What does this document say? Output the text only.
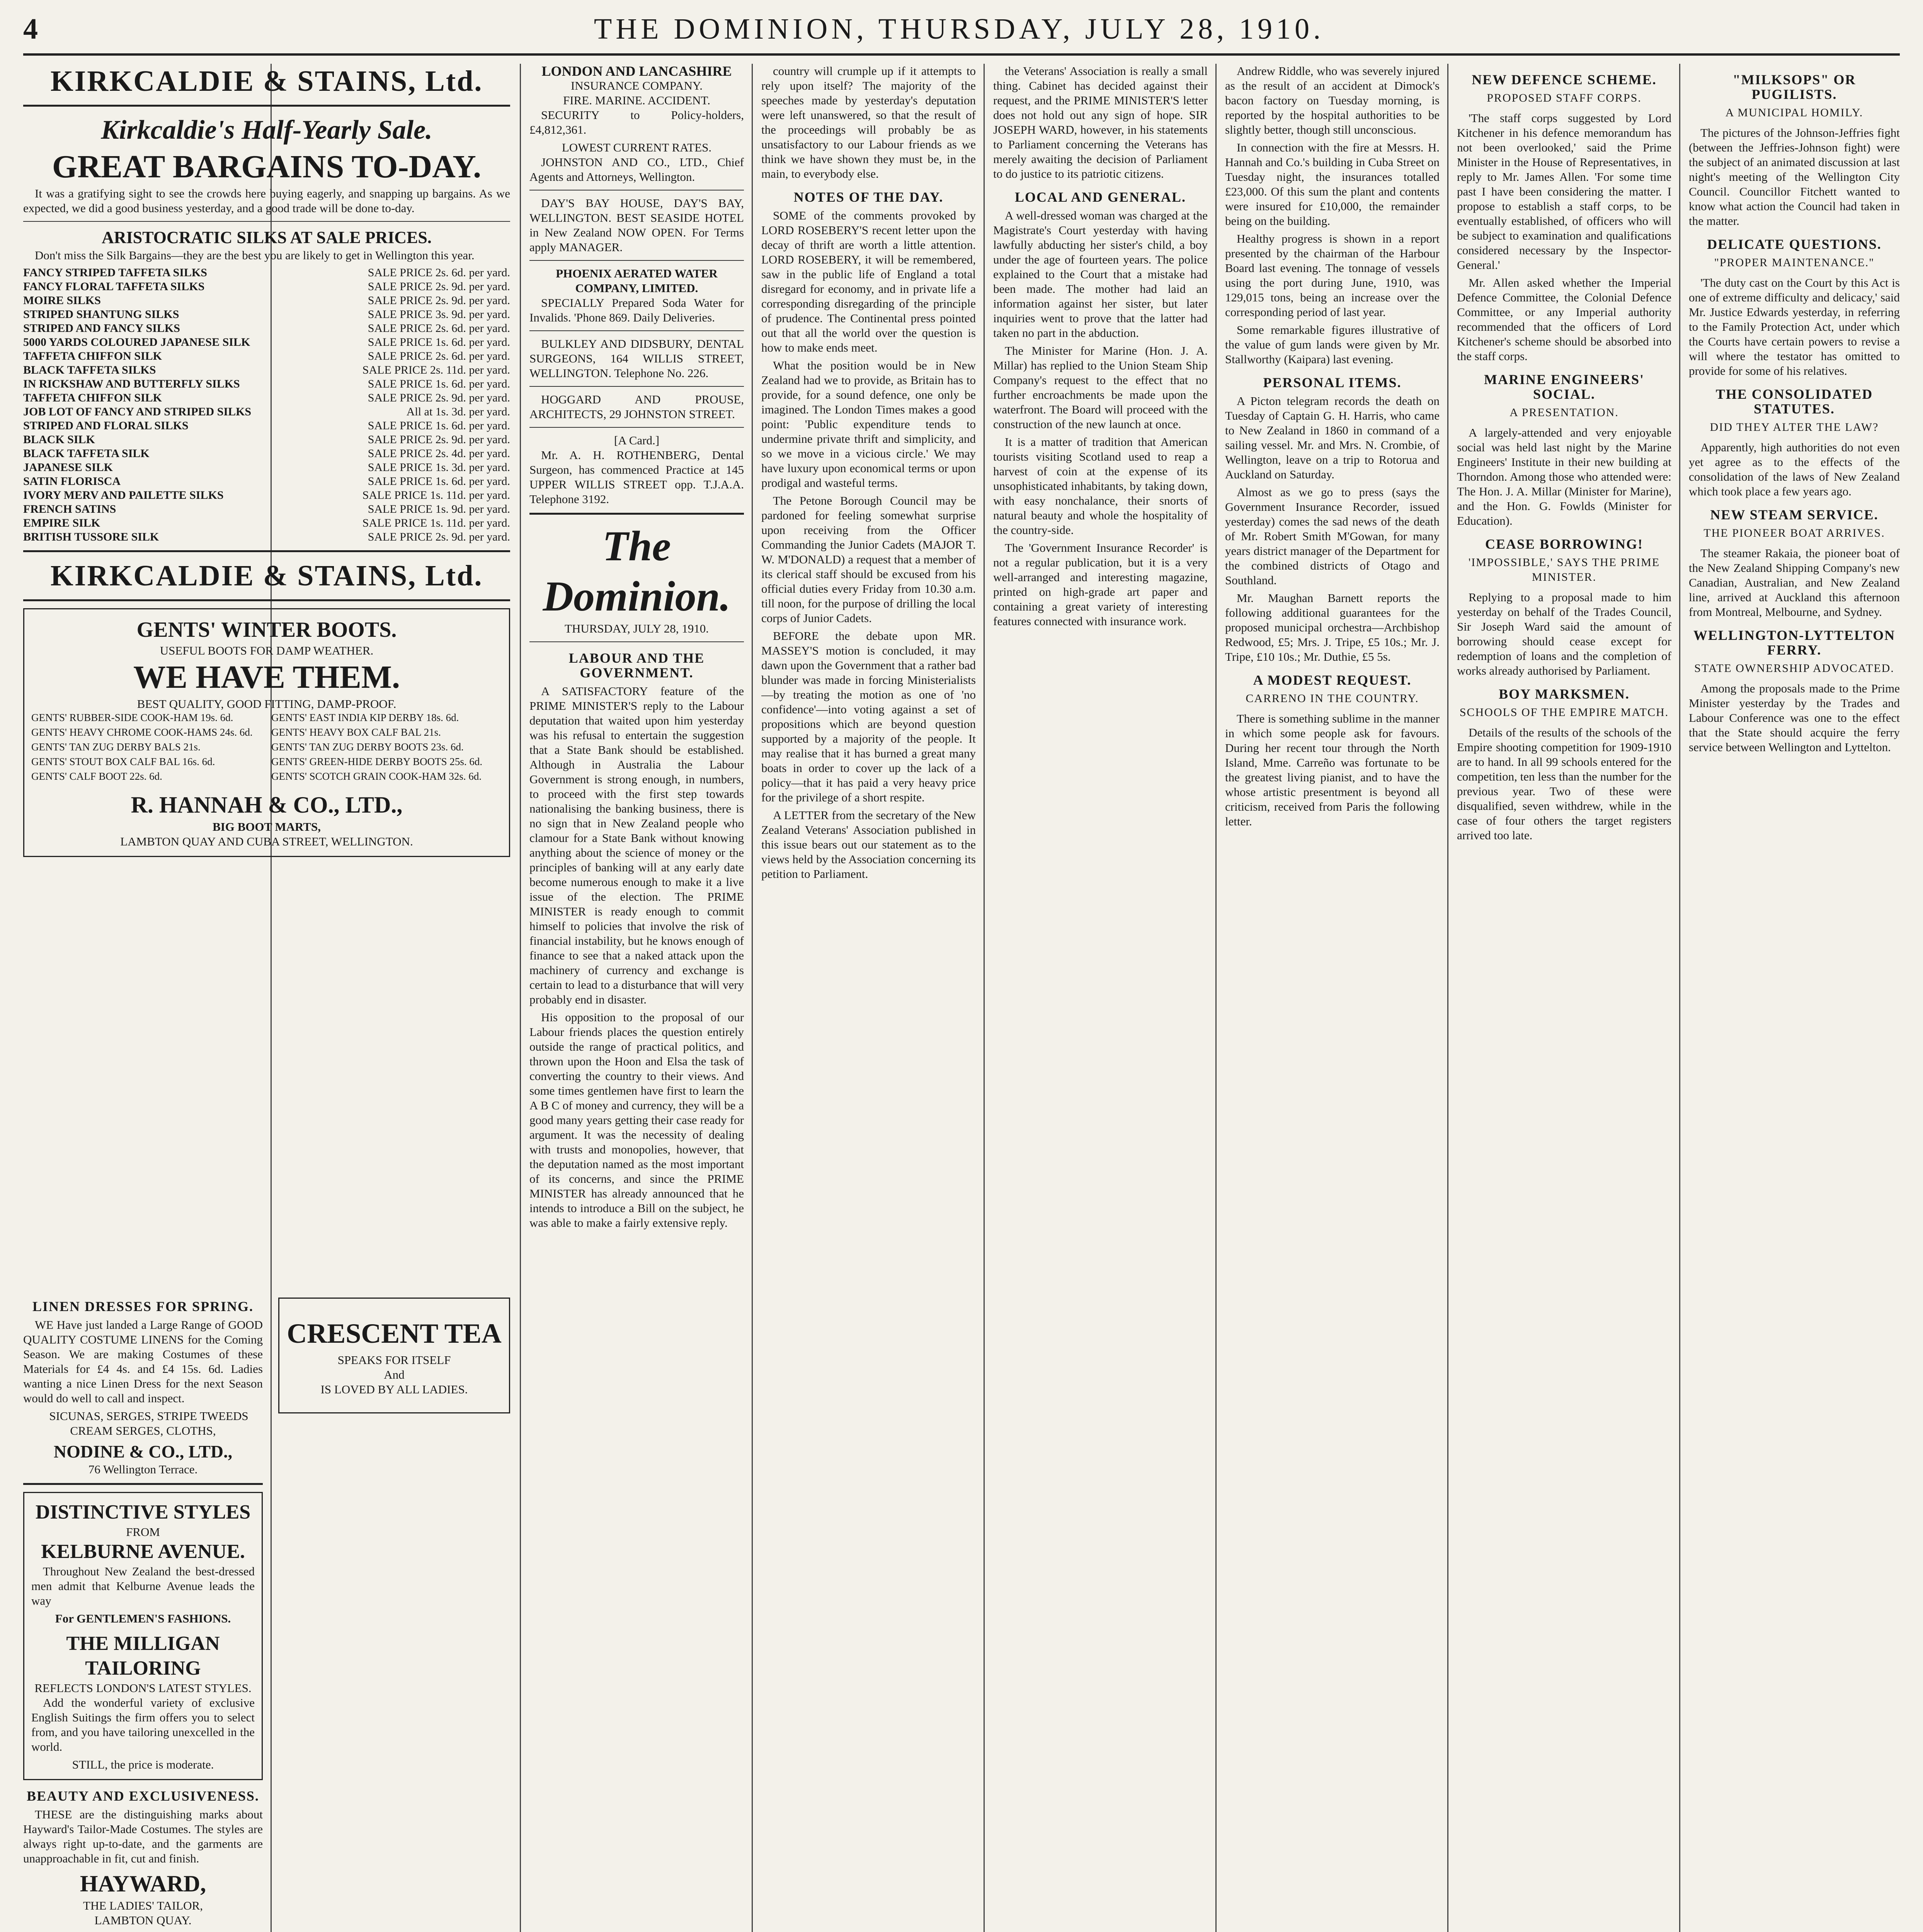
4	THE DOMINION, THURSDAY, JULY 28, 1910.
KIRKCALDIE & STAINS, Ltd.
Kirkcaldie's Half-Yearly Sale.
GREAT BARGAINS TO-DAY.

It was a gratifying sight to see the crowds here buying eagerly, and snapping up bargains. As we expected, we did a good business yesterday, and a good trade will be done to-day.

ARISTOCRATIC SILKS AT SALE PRICES.

Don't miss the Silk Bargains—they are the best you are likely to get in Wellington this year.

FANCY STRIPED TAFFETA SILKS	SALE PRICE 2s. 6d. per yard.
FANCY FLORAL TAFFETA SILKS	SALE PRICE 2s. 9d. per yard.
MOIRE SILKS	SALE PRICE 2s. 9d. per yard.
STRIPED SHANTUNG SILKS	SALE PRICE 3s. 9d. per yard.
STRIPED AND FANCY SILKS	SALE PRICE 2s. 6d. per yard.
5000 YARDS COLOURED JAPANESE SILK	SALE PRICE 1s. 6d. per yard.
TAFFETA CHIFFON SILK	SALE PRICE 2s. 6d. per yard.
BLACK TAFFETA SILKS	SALE PRICE 2s. 11d. per yard.
IN RICKSHAW AND BUTTERFLY SILKS	SALE PRICE 1s. 6d. per yard.
TAFFETA CHIFFON SILK	SALE PRICE 2s. 9d. per yard.
JOB LOT OF FANCY AND STRIPED SILKS	All at 1s. 3d. per yard.
STRIPED AND FLORAL SILKS	SALE PRICE 1s. 6d. per yard.
BLACK SILK	SALE PRICE 2s. 9d. per yard.
BLACK TAFFETA SILK	SALE PRICE 2s. 4d. per yard.
JAPANESE SILK	SALE PRICE 1s. 3d. per yard.
SATIN FLORISCA	SALE PRICE 1s. 6d. per yard.
IVORY MERV AND PAILETTE SILKS	SALE PRICE 1s. 11d. per yard.
FRENCH SATINS	SALE PRICE 1s. 9d. per yard.
EMPIRE SILK	SALE PRICE 1s. 11d. per yard.
BRITISH TUSSORE SILK	SALE PRICE 2s. 9d. per yard.
KIRKCALDIE & STAINS, Ltd.
GENTS' WINTER BOOTS.
USEFUL BOOTS FOR DAMP WEATHER.
WE HAVE THEM.
BEST QUALITY, GOOD FITTING, DAMP-PROOF.
GENTS' RUBBER-SIDE COOK-HAM 19s. 6d.	GENTS' EAST INDIA KIP DERBY 18s. 6d.
GENTS' HEAVY CHROME COOK-HAMS 24s. 6d.	GENTS' HEAVY BOX CALF BAL 21s.
GENTS' TAN ZUG DERBY BALS 21s.	GENTS' TAN ZUG DERBY BOOTS 23s. 6d.
GENTS' STOUT BOX CALF BAL 16s. 6d.	GENTS' GREEN-HIDE DERBY BOOTS 25s. 6d.
GENTS' CALF BOOT 22s. 6d.	GENTS' SCOTCH GRAIN COOK-HAM 32s. 6d.
R. HANNAH & CO., LTD.,
BIG BOOT MARTS,
LAMBTON QUAY AND CUBA STREET, WELLINGTON.
LINEN DRESSES FOR SPRING.

WE Have just landed a Large Range of GOOD QUALITY COSTUME LINENS for the Coming Season. We are making Costumes of these Materials for £4 4s. and £4 15s. 6d. Ladies wanting a nice Linen Dress for the next Season would do well to call and inspect.

SICUNAS, SERGES, STRIPE TWEEDS CREAM SERGES, CLOTHS,

NODINE & CO., LTD.,
76 Wellington Terrace.
DISTINCTIVE STYLES
FROM
KELBURNE AVENUE.

Throughout New Zealand the best-dressed men admit that Kelburne Avenue leads the way

For GENTLEMEN'S FASHIONS.
THE MILLIGAN TAILORING
REFLECTS LONDON'S LATEST STYLES.

Add the wonderful variety of exclusive English Suitings the firm offers you to select from, and you have tailoring unexcelled in the world.

STILL, the price is moderate.
BEAUTY AND EXCLUSIVENESS.

THESE are the distinguishing marks about Hayward's Tailor-Made Costumes. The styles are always right up-to-date, and the garments are unapproachable in fit, cut and finish.

HAYWARD,
THE LADIES' TAILOR,
LAMBTON QUAY.
CRESCENT TEA
SPEAKS FOR ITSELF
And
IS LOVED BY ALL LADIES.
LONDON AND LANCASHIRE
INSURANCE COMPANY.
FIRE. MARINE. ACCIDENT.

SECURITY to Policy-holders, £4,812,361.

LOWEST CURRENT RATES.

JOHNSTON AND CO., LTD., Chief Agents and Attorneys, Wellington.

DAY'S BAY HOUSE, DAY'S BAY, WELLINGTON. BEST SEASIDE HOTEL in New Zealand NOW OPEN. For Terms apply MANAGER.

PHOENIX AERATED WATER COMPANY, LIMITED.

SPECIALLY Prepared Soda Water for Invalids. 'Phone 869. Daily Deliveries.

BULKLEY AND DIDSBURY, DENTAL SURGEONS, 164 WILLIS STREET, WELLINGTON. Telephone No. 226.

HOGGARD AND PROUSE, ARCHITECTS, 29 JOHNSTON STREET.

[A Card.]

Mr. A. H. ROTHENBERG, Dental Surgeon, has commenced Practice at 145 UPPER WILLIS STREET opp. T.J.A.A. Telephone 3192.

The Dominion.
THURSDAY, JULY 28, 1910.
LABOUR AND THE GOVERNMENT.

A SATISFACTORY feature of the PRIME MINISTER'S reply to the Labour deputation that waited upon him yesterday was his refusal to entertain the suggestion that a State Bank should be established. Although in Australia the Labour Government is strong enough, in numbers, to proceed with the first step towards nationalising the banking business, there is no sign that in New Zealand people who clamour for a State Bank without knowing anything about the science of money or the principles of banking will at any early date become numerous enough to make it a live issue of the election. The PRIME MINISTER is ready enough to commit himself to policies that involve the risk of financial instability, but he knows enough of finance to see that a naked attack upon the machinery of currency and exchange is certain to lead to a disturbance that will very probably end in disaster.

His opposition to the proposal of our Labour friends places the question entirely outside the range of practical politics, and thrown upon the Hoon and Elsa the task of converting the country to their views. And some times gentlemen have first to learn the A B C of money and currency, they will be a good many years getting their case ready for argument. It was the necessity of dealing with trusts and monopolies, however, that the deputation named as the most important of its concerns, and since the PRIME MINISTER has already announced that he intends to introduce a Bill on the subject, he was able to make a fairly extensive reply.

country will crumple up if it attempts to rely upon itself? The majority of the speeches made by yesterday's deputation were left unanswered, so that the result of the proceedings will probably be as unsatisfactory to our Labour friends as we think we have shown they must be, in the main, to everybody else.

NOTES OF THE DAY.

SOME of the comments provoked by LORD ROSEBERY'S recent letter upon the decay of thrift are worth a little attention. LORD ROSEBERY, it will be remembered, saw in the public life of England a total disregard for economy, and in private life a corresponding disregarding of the principle of prudence. The Continental press pointed out that all the world over the question is how to make ends meet.

What the position would be in New Zealand had we to provide, as Britain has to provide, for a sound defence, one only be imagined. The London Times makes a good point: 'Public expenditure tends to undermine private thrift and simplicity, and so we move in a vicious circle.' We may have luxury upon economical terms or upon prodigal and wasteful terms.

The Petone Borough Council may be pardoned for feeling somewhat surprise upon receiving from the Officer Commanding the Junior Cadets (MAJOR T. W. M'DONALD) a request that a member of its clerical staff should be excused from his official duties every Friday from 10.30 a.m. till noon, for the purpose of drilling the local corps of Junior Cadets.

BEFORE the debate upon MR. MASSEY'S motion is concluded, it may dawn upon the Government that a rather bad blunder was made in forcing Ministerialists—by treating the motion as one of 'no confidence'—into voting against a set of propositions which are beyond question supported by a majority of the people. It may realise that it has burned a great many boats in order to cover up the lack of a policy—that it has paid a very heavy price for the privilege of a short respite.

A LETTER from the secretary of the New Zealand Veterans' Association published in this issue bears out our statement as to the views held by the Association concerning its petition to Parliament.

the Veterans' Association is really a small thing. Cabinet has decided against their request, and the PRIME MINISTER'S letter does not hold out any sign of hope. SIR JOSEPH WARD, however, in his statements to Parliament concerning the Veterans has merely awaiting the decision of Parliament to do justice to its patriotic citizens.

LOCAL AND GENERAL.

A well-dressed woman was charged at the Magistrate's Court yesterday with having lawfully abducting her sister's child, a boy under the age of fourteen years. The police explained to the Court that a mistake had been made. The mother had laid an information against her sister, but later inquiries went to prove that the latter had taken no part in the abduction.

The Minister for Marine (Hon. J. A. Millar) has replied to the Union Steam Ship Company's request to the effect that no further encroachments be made upon the waterfront. The Board will proceed with the construction of the new launch at once.

It is a matter of tradition that American tourists visiting Scotland used to reap a harvest of coin at the expense of its unsophisticated inhabitants, by taking down, with easy nonchalance, their snorts of natural beauty and whole the hospitality of the country-side.

The 'Government Insurance Recorder' is not a regular publication, but it is a very well-arranged and interesting magazine, printed on high-grade art paper and containing a great variety of interesting features connected with insurance work.

Andrew Riddle, who was severely injured as the result of an accident at Dimock's bacon factory on Tuesday morning, is reported by the hospital authorities to be slightly better, though still unconscious.

In connection with the fire at Messrs. H. Hannah and Co.'s building in Cuba Street on Tuesday night, the insurances totalled £23,000. Of this sum the plant and contents were insured for £10,000, the remainder being on the building.

Healthy progress is shown in a report presented by the chairman of the Harbour Board last evening. The tonnage of vessels using the port during June, 1910, was 129,015 tons, being an increase over the corresponding period of last year.

Some remarkable figures illustrative of the value of gum lands were given by Mr. Stallworthy (Kaipara) last evening.

PERSONAL ITEMS.

A Picton telegram records the death on Tuesday of Captain G. H. Harris, who came to New Zealand in 1860 in command of a sailing vessel. Mr. and Mrs. N. Crombie, of Wellington, leave on a trip to Rotorua and Auckland on Saturday.

Almost as we go to press (says the Government Insurance Recorder, issued yesterday) comes the sad news of the death of Mr. Robert Smith M'Gowan, for many years district manager of the Department for the combined districts of Otago and Southland.

Mr. Maughan Barnett reports the following additional guarantees for the proposed municipal orchestra—Archbishop Redwood, £5; Mrs. J. Tripe, £5 10s.; Mr. J. Tripe, £10 10s.; Mr. Duthie, £5 5s.

A MODEST REQUEST.
CARRENO IN THE COUNTRY.

There is something sublime in the manner in which some people ask for favours. During her recent tour through the North Island, Mme. Carreño was fortunate to be the greatest living pianist, and to have the whose artistic presentment is beyond all criticism, received from Paris the following letter.

NEW DEFENCE SCHEME.
PROPOSED STAFF CORPS.

'The staff corps suggested by Lord Kitchener in his defence memorandum has not been overlooked,' said the Prime Minister in the House of Representatives, in reply to Mr. James Allen. 'For some time past I have been considering the matter. I propose to establish a staff corps, to be eventually established, of officers who will be subject to examination and qualifications considered necessary by the Inspector-General.'

Mr. Allen asked whether the Imperial Defence Committee, the Colonial Defence Committee, or any Imperial authority recommended that the officers of Lord Kitchener's scheme should be absorbed into the staff corps.

MARINE ENGINEERS' SOCIAL.
A PRESENTATION.

A largely-attended and very enjoyable social was held last night by the Marine Engineers' Institute in their new building at Thorndon. Among those who attended were: The Hon. J. A. Millar (Minister for Marine), and the Hon. G. Fowlds (Minister for Education).

CEASE BORROWING!
'IMPOSSIBLE,' SAYS THE PRIME MINISTER.

Replying to a proposal made to him yesterday on behalf of the Trades Council, Sir Joseph Ward said the amount of borrowing should cease except for redemption of loans and the completion of works already authorised by Parliament.

BOY MARKSMEN.
SCHOOLS OF THE EMPIRE MATCH.

Details of the results of the schools of the Empire shooting competition for 1909-1910 are to hand. In all 99 schools entered for the competition, ten less than the number for the previous year. Two of these were disqualified, seven withdrew, while in the case of four others the target registers arrived too late.

"MILKSOPS" OR PUGILISTS.
A MUNICIPAL HOMILY.

The pictures of the Johnson-Jeffries fight (between the Jeffries-Johnson fight) were the subject of an animated discussion at last night's meeting of the Wellington City Council. Councillor Fitchett wanted to know what action the Council had taken in the matter.

DELICATE QUESTIONS.
"PROPER MAINTENANCE."

'The duty cast on the Court by this Act is one of extreme difficulty and delicacy,' said Mr. Justice Edwards yesterday, in referring to the Family Protection Act, under which the Courts have certain powers to revise a will where the testator has omitted to provide for some of his relatives.

THE CONSOLIDATED STATUTES.
DID THEY ALTER THE LAW?

Apparently, high authorities do not even yet agree as to the effects of the consolidation of the laws of New Zealand which took place a few years ago.

NEW STEAM SERVICE.
THE PIONEER BOAT ARRIVES.

The steamer Rakaia, the pioneer boat of the New Zealand Shipping Company's new Canadian, Australian, and New Zealand line, arrived at Auckland this afternoon from Montreal, Melbourne, and Sydney.

WELLINGTON-LYTTELTON FERRY.
STATE OWNERSHIP ADVOCATED.

Among the proposals made to the Prime Minister yesterday by the Trades and Labour Conference was one to the effect that the State should acquire the ferry service between Wellington and Lyttelton.
